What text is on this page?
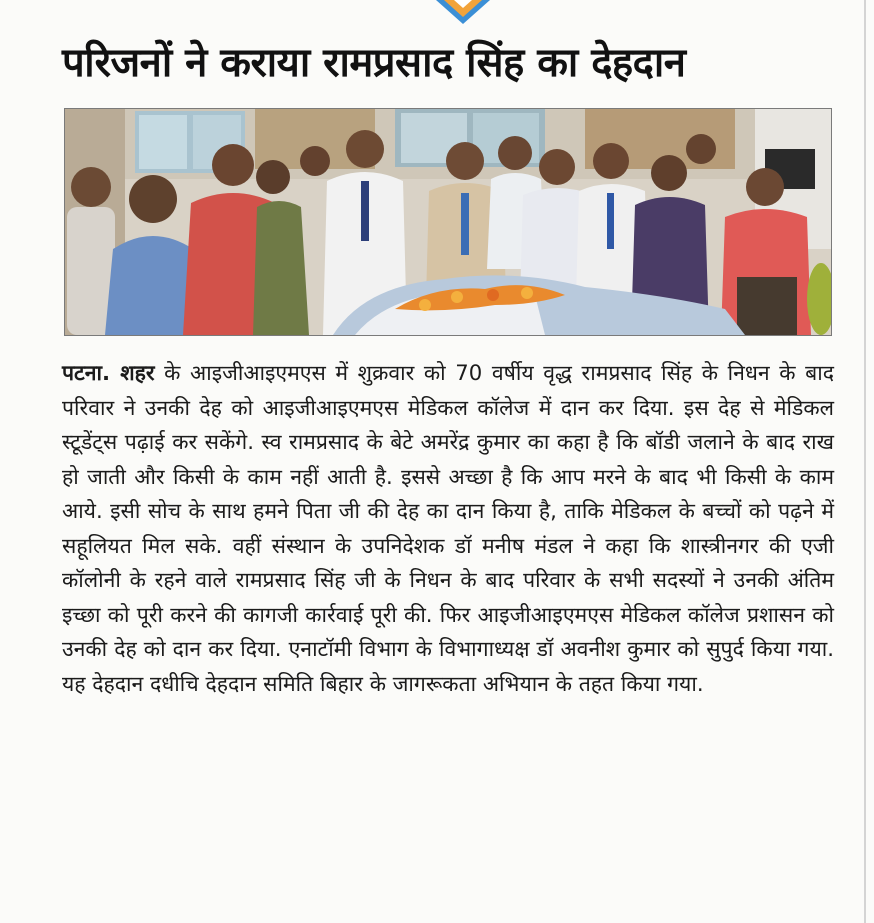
परिजनों ने कराया रामप्रसाद सिंह का देहदान

पटना. शहर के आइजीआइएमएस में शुक्रवार को 70 वर्षीय वृद्ध रामप्रसाद सिंह के निधन के बाद परिवार ने उनकी देह को आइजीआइएमएस मेडिकल कॉलेज में दान कर दिया. इस देह से मेडिकल स्टूडेंट्स पढ़ाई कर सकेंगे. स्व रामप्रसाद के बेटे अमरेंद्र कुमार का कहा है कि बॉडी जलाने के बाद राख हो जाती और किसी के काम नहीं आती है. इससे अच्छा है कि आप मरने के बाद भी किसी के काम आये. इसी सोच के साथ हमने पिता जी की देह का दान किया है, ताकि मेडिकल के बच्चों को पढ़ने में सहूलियत मिल सके. वहीं संस्थान के उपनिदेशक डॉ मनीष मंडल ने कहा कि शास्त्रीनगर की एजी कॉलोनी के रहने वाले रामप्रसाद सिंह जी के निधन के बाद परिवार के सभी सदस्यों ने उनकी अंतिम इच्छा को पूरी करने की कागजी कार्रवाई पूरी की. फिर आइजीआइएमएस मेडिकल कॉलेज प्रशासन को उनकी देह को दान कर दिया. एनाटॉमी विभाग के विभागाध्यक्ष डॉ अवनीश कुमार को सुपुर्द किया गया. यह देहदान दधीचि देहदान समिति बिहार के जागरूकता अभियान के तहत किया गया.
